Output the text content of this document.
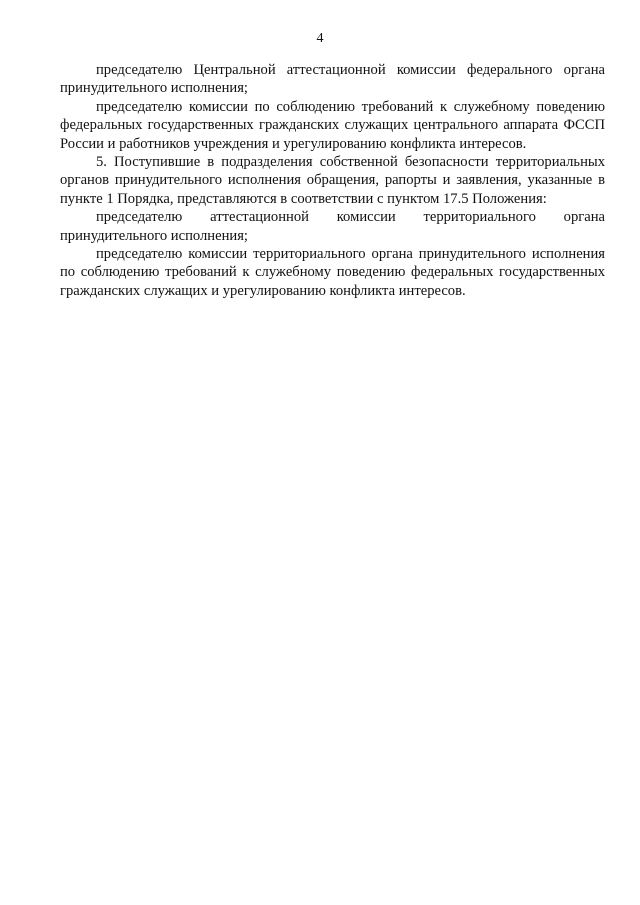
4

председателю Центральной аттестационной комиссии федерального органа принудительного исполнения;

председателю комиссии по соблюдению требований к служебному поведению федеральных государственных гражданских служащих центрального аппарата ФССП России и работников учреждения и урегулированию конфликта интересов.

5. Поступившие в подразделения собственной безопасности территориальных органов принудительного исполнения обращения, рапорты и заявления, указанные в пункте 1 Порядка, представляются в соответствии с пунктом 17.5 Положения:

председателю аттестационной комиссии территориального органа принудительного исполнения;

председателю комиссии территориального органа принудительного исполнения по соблюдению требований к служебному поведению федеральных государственных гражданских служащих и урегулированию конфликта интересов.
